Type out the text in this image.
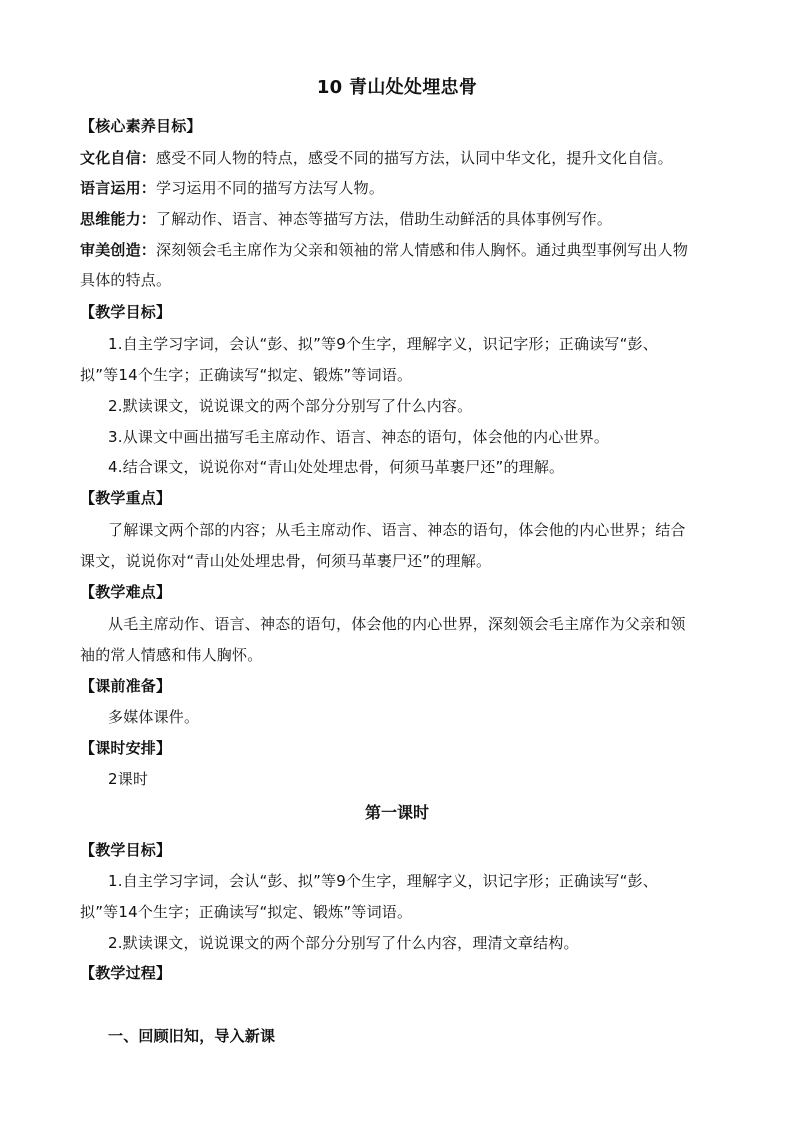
10 青山处处埋忠骨
【核心素养目标】
文化自信：感受不同人物的特点，感受不同的描写方法，认同中华文化，提升文化自信。
语言运用：学习运用不同的描写方法写人物。
思维能力：了解动作、语言、神态等描写方法，借助生动鲜活的具体事例写作。
审美创造：深刻领会毛主席作为父亲和领袖的常人情感和伟人胸怀。通过典型事例写出人物
具体的特点。
【教学目标】
1.自主学习字词，会认“彭、拟”等9个生字，理解字义，识记字形；正确读写“彭、
拟”等14个生字；正确读写“拟定、锻炼”等词语。
2.默读课文，说说课文的两个部分分别写了什么内容。
3.从课文中画出描写毛主席动作、语言、神态的语句，体会他的内心世界。
4.结合课文，说说你对“青山处处埋忠骨，何须马革裹尸还”的理解。
【教学重点】
了解课文两个部的内容；从毛主席动作、语言、神态的语句，体会他的内心世界；结合
课文，说说你对“青山处处埋忠骨，何须马革裹尸还”的理解。
【教学难点】
从毛主席动作、语言、神态的语句，体会他的内心世界，深刻领会毛主席作为父亲和领
袖的常人情感和伟人胸怀。
【课前准备】
多媒体课件。
【课时安排】
2课时
第一课时
【教学目标】
1.自主学习字词，会认“彭、拟”等9个生字，理解字义，识记字形；正确读写“彭、
拟”等14个生字；正确读写“拟定、锻炼”等词语。
2.默读课文，说说课文的两个部分分别写了什么内容，理清文章结构。
【教学过程】
一、回顾旧知，导入新课
